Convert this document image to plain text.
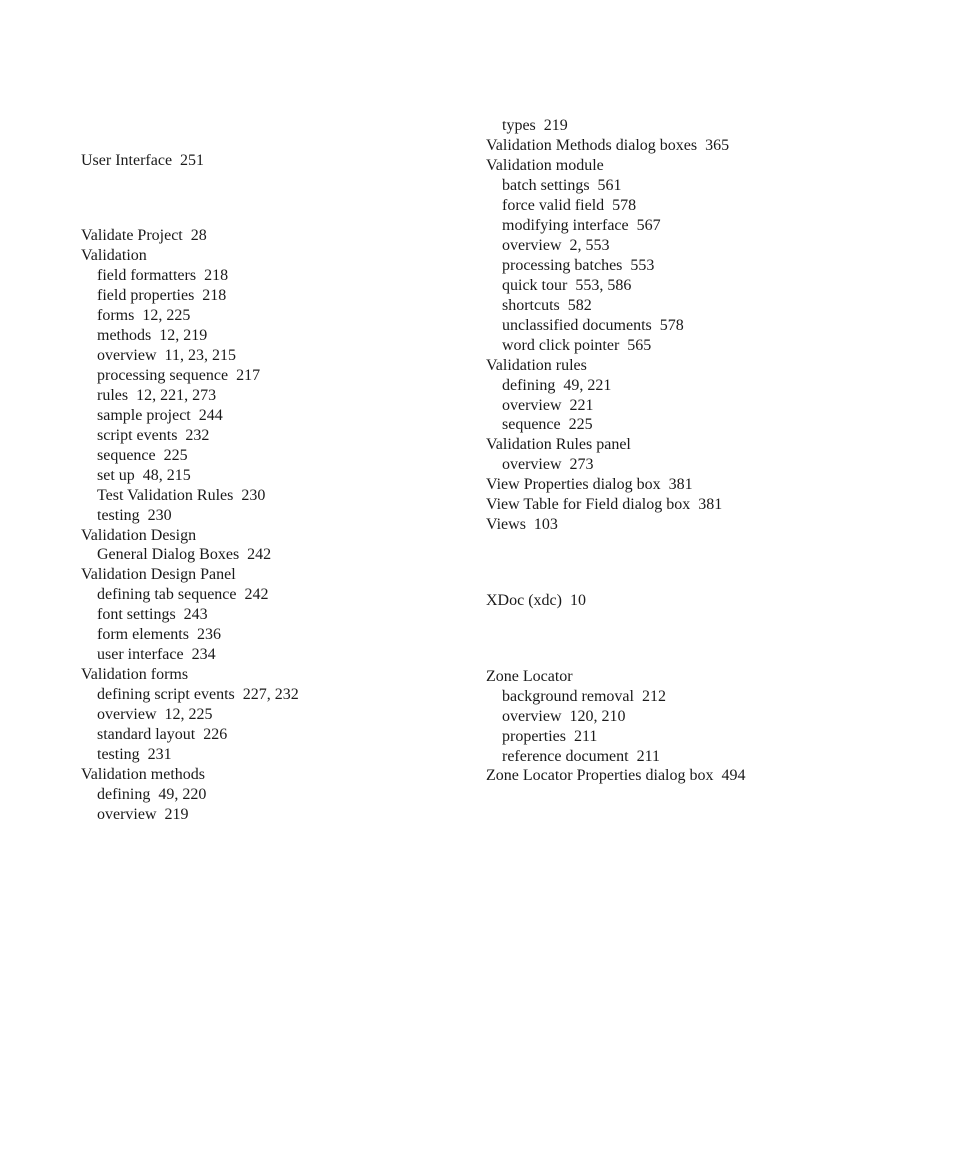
User Interface  251
Validate Project  28
Validation
field formatters  218
field properties  218
forms  12, 225
methods  12, 219
overview  11, 23, 215
processing sequence  217
rules  12, 221, 273
sample project  244
script events  232
sequence  225
set up  48, 215
Test Validation Rules  230
testing  230
Validation Design
General Dialog Boxes  242
Validation Design Panel
defining tab sequence  242
font settings  243
form elements  236
user interface  234
Validation forms
defining script events  227, 232
overview  12, 225
standard layout  226
testing  231
Validation methods
defining  49, 220
overview  219
types  219
Validation Methods dialog boxes  365
Validation module
batch settings  561
force valid field  578
modifying interface  567
overview  2, 553
processing batches  553
quick tour  553, 586
shortcuts  582
unclassified documents  578
word click pointer  565
Validation rules
defining  49, 221
overview  221
sequence  225
Validation Rules panel
overview  273
View Properties dialog box  381
View Table for Field dialog box  381
Views  103
XDoc (xdc)  10
Zone Locator
background removal  212
overview  120, 210
properties  211
reference document  211
Zone Locator Properties dialog box  494
